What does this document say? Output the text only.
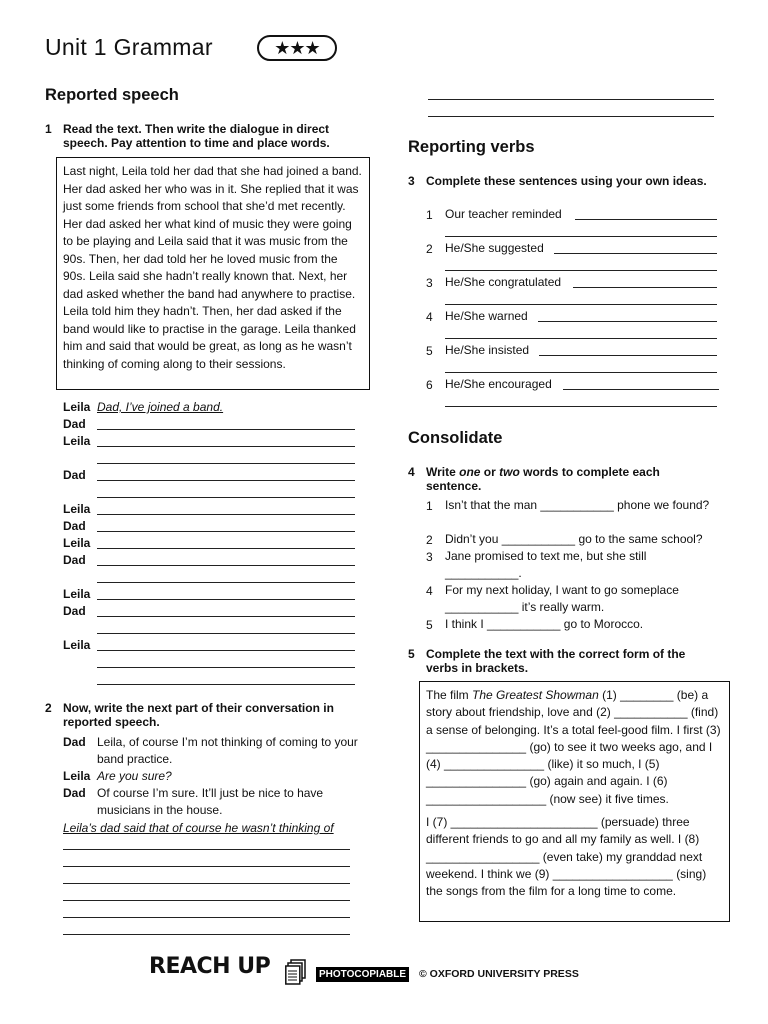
Unit 1 Grammar	★★★
Reported speech
1 Read the text. Then write the dialogue in direct speech. Pay attention to time and place words.
Last night, Leila told her dad that she had joined a band. Her dad asked her who was in it. She replied that it was just some friends from school that she’d met recently. Her dad asked her what kind of music they were going to be playing and Leila said that it was music from the 90s. Then, her dad told her he loved music from the 90s. Leila said she hadn’t really known that. Next, her dad asked whether the band had anywhere to practise. Leila told him they hadn’t. Then, her dad asked if the band would like to practise in the garage. Leila thanked him and said that would be great, as long as he wasn’t thinking of coming along to their sessions.
Leila Dad, I’ve joined a band.
Dad
Leila
Dad
Leila
Dad
Leila
Dad
Leila
Dad
Leila
2 Now, write the next part of their conversation in reported speech.
Dad Leila, of course I’m not thinking of coming to your band practice.
Leila Are you sure?
Dad Of course I’m sure. It’ll just be nice to have musicians in the house.
Leila’s dad said that of course he wasn’t thinking of
Reporting verbs
3 Complete these sentences using your own ideas.
1 Our teacher reminded
2 He/She suggested
3 He/She congratulated
4 He/She warned
5 He/She insisted
6 He/She encouraged
Consolidate
4 Write one or two words to complete each sentence.
1 Isn’t that the man ___________ phone we found?
2 Didn’t you ___________ go to the same school?
3 Jane promised to text me, but she still ___________.
4 For my next holiday, I want to go someplace ___________ it’s really warm.
5 I think I ___________ go to Morocco.
5 Complete the text with the correct form of the verbs in brackets.
The film The Greatest Showman (1) ________ (be) a story about friendship, love and (2) ___________ (find) a sense of belonging. It’s a total feel-good film. I first (3) _______________ (go) to see it two weeks ago, and I (4) _______________ (like) it so much, I (5) _______________ (go) again and again. I (6) __________________ (now see) it five times.
I (7) ______________________ (persuade) three different friends to go and all my family as well. I (8) _________________ (even take) my granddad next weekend. I think we (9) __________________ (sing) the songs from the film for a long time to come.
REACH UP	PHOTOCOPIABLE © OXFORD UNIVERSITY PRESS
